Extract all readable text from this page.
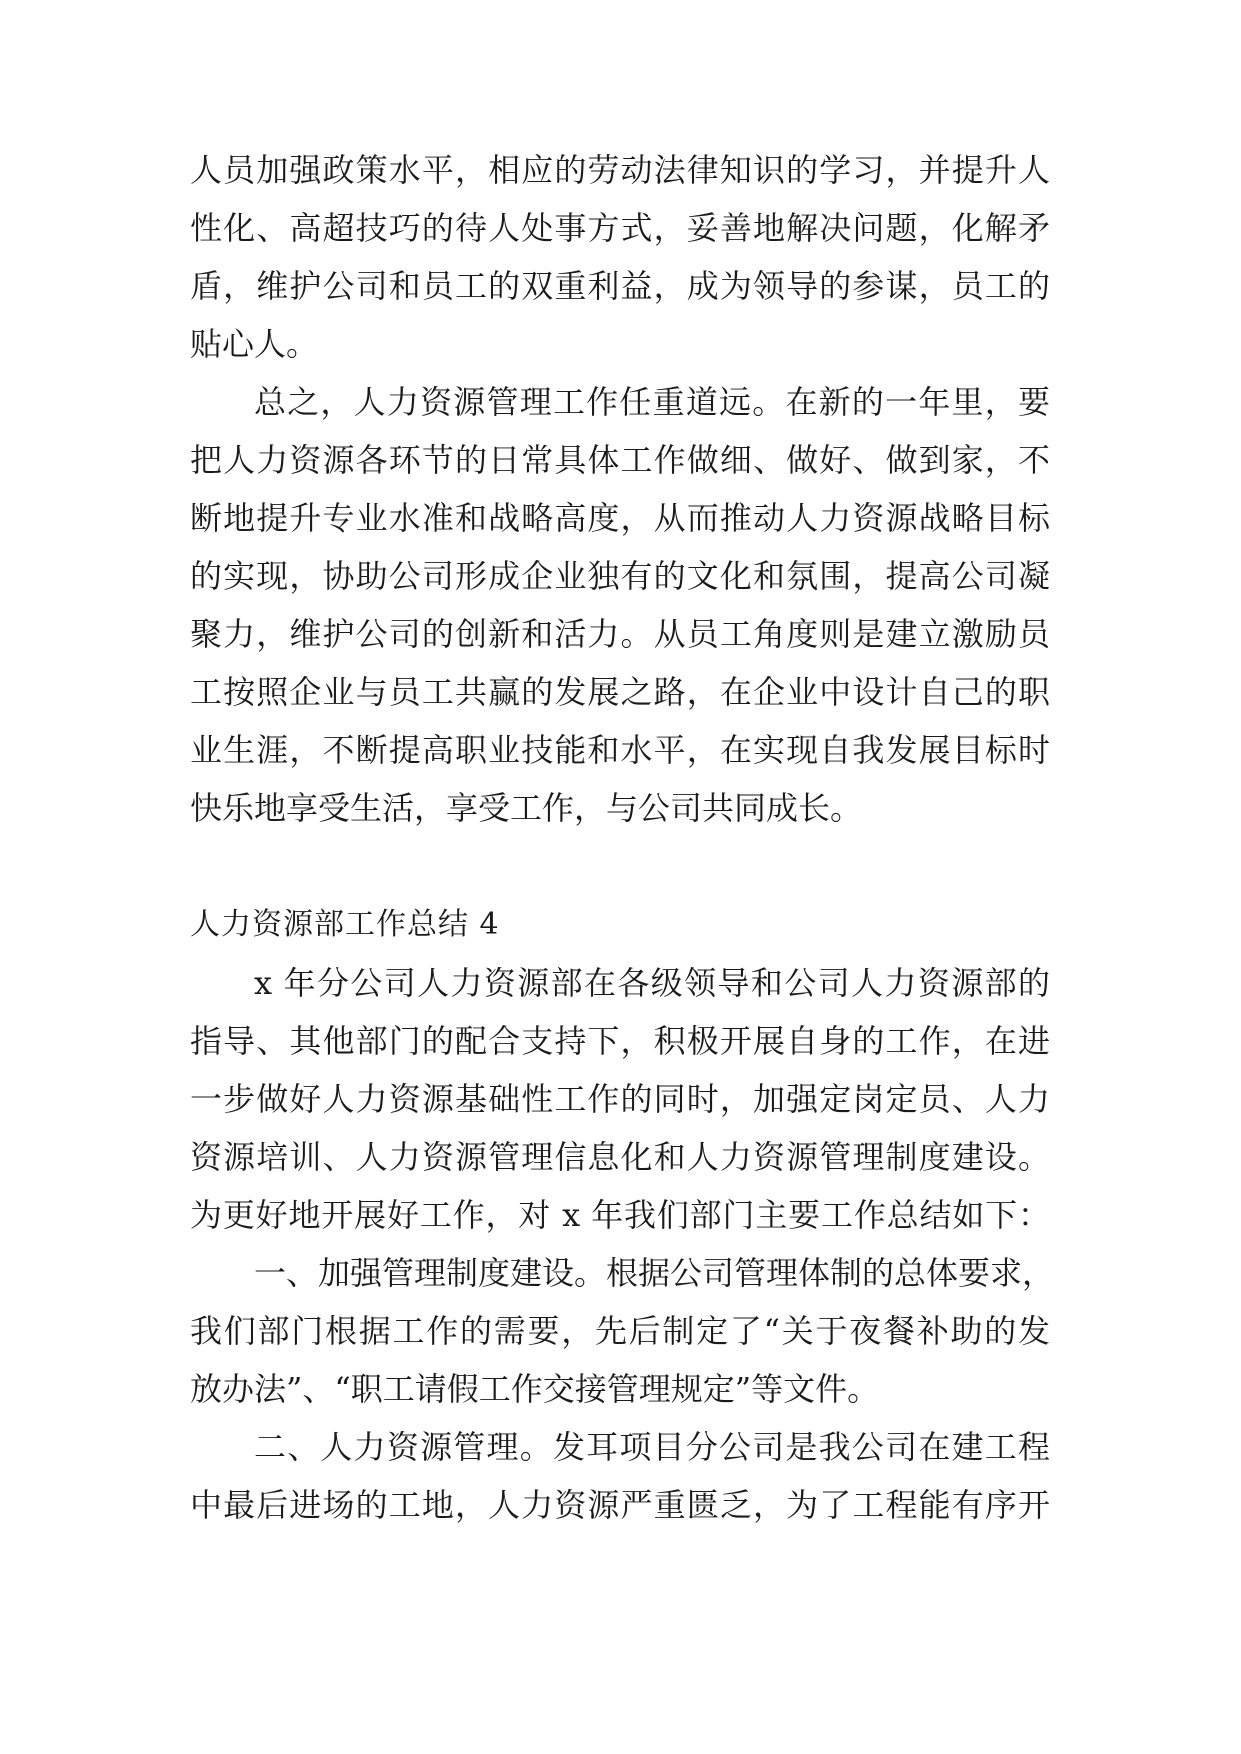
人员加强政策水平，相应的劳动法律知识的学习，并提升人
性化、高超技巧的待人处事方式，妥善地解决问题，化解矛
盾，维护公司和员工的双重利益，成为领导的参谋，员工的
贴心人。
总之，人力资源管理工作任重道远。在新的一年里，要
把人力资源各环节的日常具体工作做细、做好、做到家，不
断地提升专业水准和战略高度，从而推动人力资源战略目标
的实现，协助公司形成企业独有的文化和氛围，提高公司凝
聚力，维护公司的创新和活力。从员工角度则是建立激励员
工按照企业与员工共赢的发展之路，在企业中设计自己的职
业生涯，不断提高职业技能和水平，在实现自我发展目标时
快乐地享受生活，享受工作，与公司共同成长。
人力资源部工作总结 4
x 年分公司人力资源部在各级领导和公司人力资源部的
指导、其他部门的配合支持下，积极开展自身的工作，在进
一步做好人力资源基础性工作的同时，加强定岗定员、人力
资源培训、人力资源管理信息化和人力资源管理制度建设。
为更好地开展好工作，对 x 年我们部门主要工作总结如下：
一、加强管理制度建设。根据公司管理体制的总体要求，
我们部门根据工作的需要，先后制定了“关于夜餐补助的发
放办法”、“职工请假工作交接管理规定”等文件。
二、人力资源管理。发耳项目分公司是我公司在建工程
中最后进场的工地，人力资源严重匮乏，为了工程能有序开
